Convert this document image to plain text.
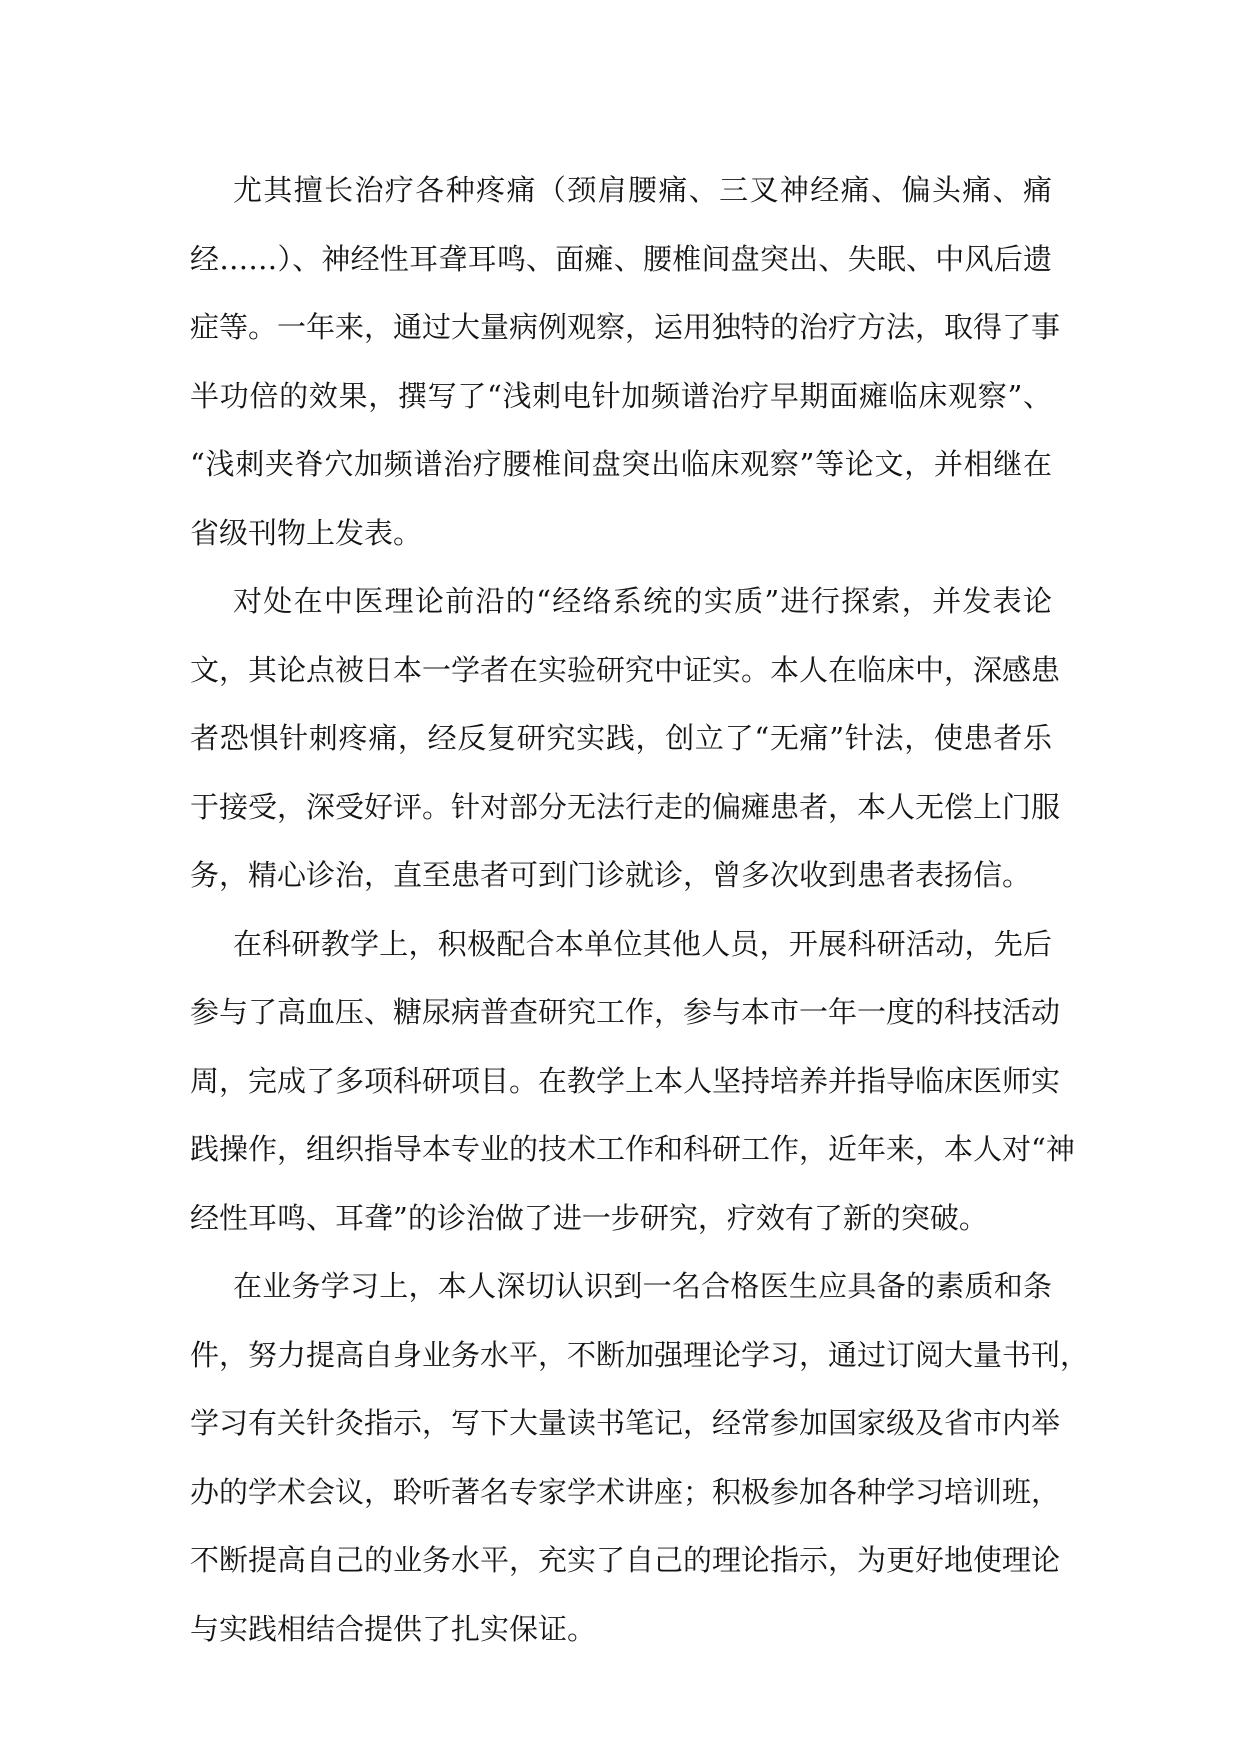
尤其擅长治疗各种疼痛（颈肩腰痛、三叉神经痛、偏头痛、痛
经……）、神经性耳聋耳鸣、面瘫、腰椎间盘突出、失眠、中风后遗
症等。一年来，通过大量病例观察，运用独特的治疗方法，取得了事
半功倍的效果，撰写了“浅刺电针加频谱治疗早期面瘫临床观察”、
“浅刺夹脊穴加频谱治疗腰椎间盘突出临床观察”等论文，并相继在
省级刊物上发表。
对处在中医理论前沿的“经络系统的实质”进行探索，并发表论
文，其论点被日本一学者在实验研究中证实。本人在临床中，深感患
者恐惧针刺疼痛，经反复研究实践，创立了“无痛”针法，使患者乐
于接受，深受好评。针对部分无法行走的偏瘫患者，本人无偿上门服
务，精心诊治，直至患者可到门诊就诊，曾多次收到患者表扬信。
在科研教学上，积极配合本单位其他人员，开展科研活动，先后
参与了高血压、糖尿病普查研究工作，参与本市一年一度的科技活动
周，完成了多项科研项目。在教学上本人坚持培养并指导临床医师实
践操作，组织指导本专业的技术工作和科研工作，近年来，本人对“神
经性耳鸣、耳聋”的诊治做了进一步研究，疗效有了新的突破。
在业务学习上，本人深切认识到一名合格医生应具备的素质和条
件，努力提高自身业务水平，不断加强理论学习，通过订阅大量书刊，
学习有关针灸指示，写下大量读书笔记，经常参加国家级及省市内举
办的学术会议，聆听著名专家学术讲座；积极参加各种学习培训班，
不断提高自己的业务水平，充实了自己的理论指示，为更好地使理论
与实践相结合提供了扎实保证。
